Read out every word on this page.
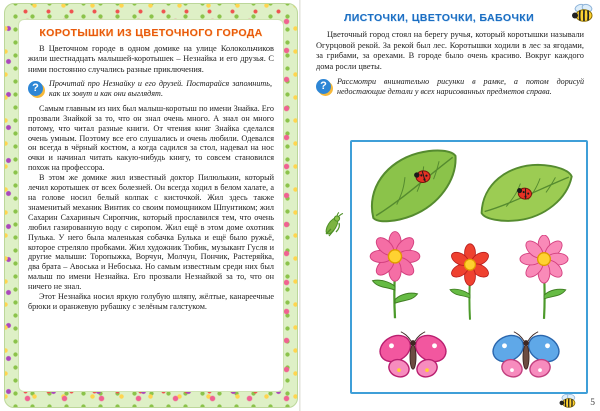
КОРОТЫШКИ ИЗ ЦВЕТОЧНОГО ГОРОДА

В Цветочном городе в одном домике на улице Колокольчиков жили шестнадцать малышей-коротышек – Незнайка и его друзья. С ними постоянно случались разные приключения.

?	Прочитай про Незнайку и его друзей. Постарайся запомнить, как их зовут и как они выглядят.

Самым главным из них был малыш-коротыш по имени Знайка. Его прозвали Знайкой за то, что он знал очень много. А знал он много потому, что читал разные книги. От чтения книг Знайка сделался очень умным. Поэтому все его слушались и очень любили. Одевался он всегда в чёрный костюм, а когда садился за стол, надевал на нос очки и начинал читать какую-нибудь книгу, то совсем становился похож на профессора.

В этом же домике жил известный доктор Пилюлькин, который лечил коротышек от всех болезней. Он всегда ходил в белом халате, а на голове носил белый колпак с кисточкой. Жил здесь также знаменитый механик Винтик со своим помощником Шпунтиком; жил Сахарин Сахариныч Сиропчик, который прославился тем, что очень любил газированную воду с сиропом. Жил ещё в этом доме охотник Пулька. У него была маленькая собачка Булька и ещё было ружьё, которое стреляло пробками. Жил художник Тюбик, музыкант Гусля и другие малыши: Торопыжка, Ворчун, Молчун, Пончик, Растеряйка, два брата – Авоська и Небоська. Но самым известным среди них был малыш по имени Незнайка. Его прозвали Незнайкой за то, что он ничего не знал.

Этот Незнайка носил яркую голубую шляпу, жёлтые, канареечные брюки и оранжевую рубашку с зелёным галстуком.

ЛИСТОЧКИ, ЦВЕТОЧКИ, БАБОЧКИ

Цветочный город стоял на берегу ручья, который коротышки называли Огурцовой рекой. За рекой был лес. Коротышки ходили в лес за ягодами, за грибами, за орехами. В городе было очень красиво. Вокруг каждого дома росли цветы.

?	Рассмотри внимательно рисунки в рамке, а потом дорисуй недостающие детали у всех нарисованных предметов справа.

5
